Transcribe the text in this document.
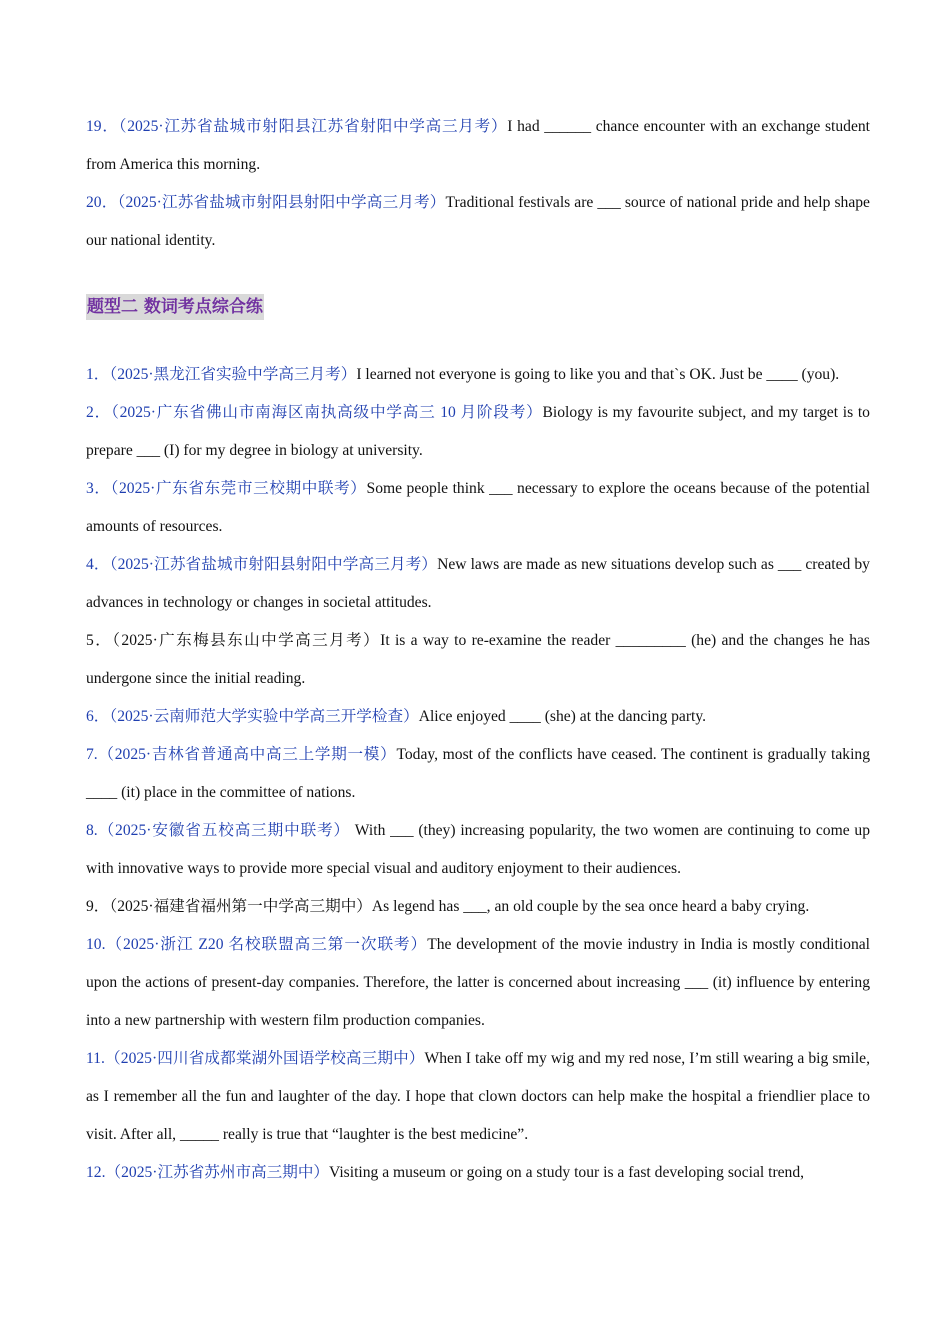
19．（2025·江苏省盐城市射阳县江苏省射阳中学高三月考）I had ______ chance encounter with an exchange student from America this morning.
20．（2025·江苏省盐城市射阳县射阳中学高三月考）Traditional festivals are ___ source of national pride and help shape our national identity.
题型二 数词考点综合练
1．（2025·黑龙江省实验中学高三月考）I learned not everyone is going to like you and that`s OK. Just be ____ (you).
2．（2025·广东省佛山市南海区南执高级中学高三 10 月阶段考）Biology is my favourite subject, and my target is to prepare ___ (I) for my degree in biology at university.
3．（2025·广东省东莞市三校期中联考）Some people think ___ necessary to explore the oceans because of the potential amounts of resources.
4．（2025·江苏省盐城市射阳县射阳中学高三月考）New laws are made as new situations develop such as ___ created by advances in technology or changes in societal attitudes.
5．（2025·广东梅县东山中学高三月考）It is a way to re-examine the reader _________ (he) and the changes he has undergone since the initial reading.
6．（2025·云南师范大学实验中学高三开学检查）Alice enjoyed ____ (she) at the dancing party.
7.（2025·吉林省普通高中高三上学期一模）Today, most of the conflicts have ceased. The continent is gradually taking ____ (it) place in the committee of nations.
8.（2025·安徽省五校高三期中联考） With ___ (they) increasing popularity, the two women are continuing to come up with innovative ways to provide more special visual and auditory enjoyment to their audiences.
9．（2025·福建省福州第一中学高三期中）As legend has ___, an old couple by the sea once heard a baby crying.
10.（2025·浙江 Z20 名校联盟高三第一次联考）The development of the movie industry in India is mostly conditional upon the actions of present-day companies. Therefore, the latter is concerned about increasing ___ (it) influence by entering into a new partnership with western film production companies.
11.（2025·四川省成都棠湖外国语学校高三期中）When I take off my wig and my red nose, I’m still wearing a big smile, as I remember all the fun and laughter of the day. I hope that clown doctors can help make the hospital a friendlier place to visit. After all, _____ really is true that “laughter is the best medicine”.
12.（2025·江苏省苏州市高三期中）Visiting a museum or going on a study tour is a fast developing social trend,
